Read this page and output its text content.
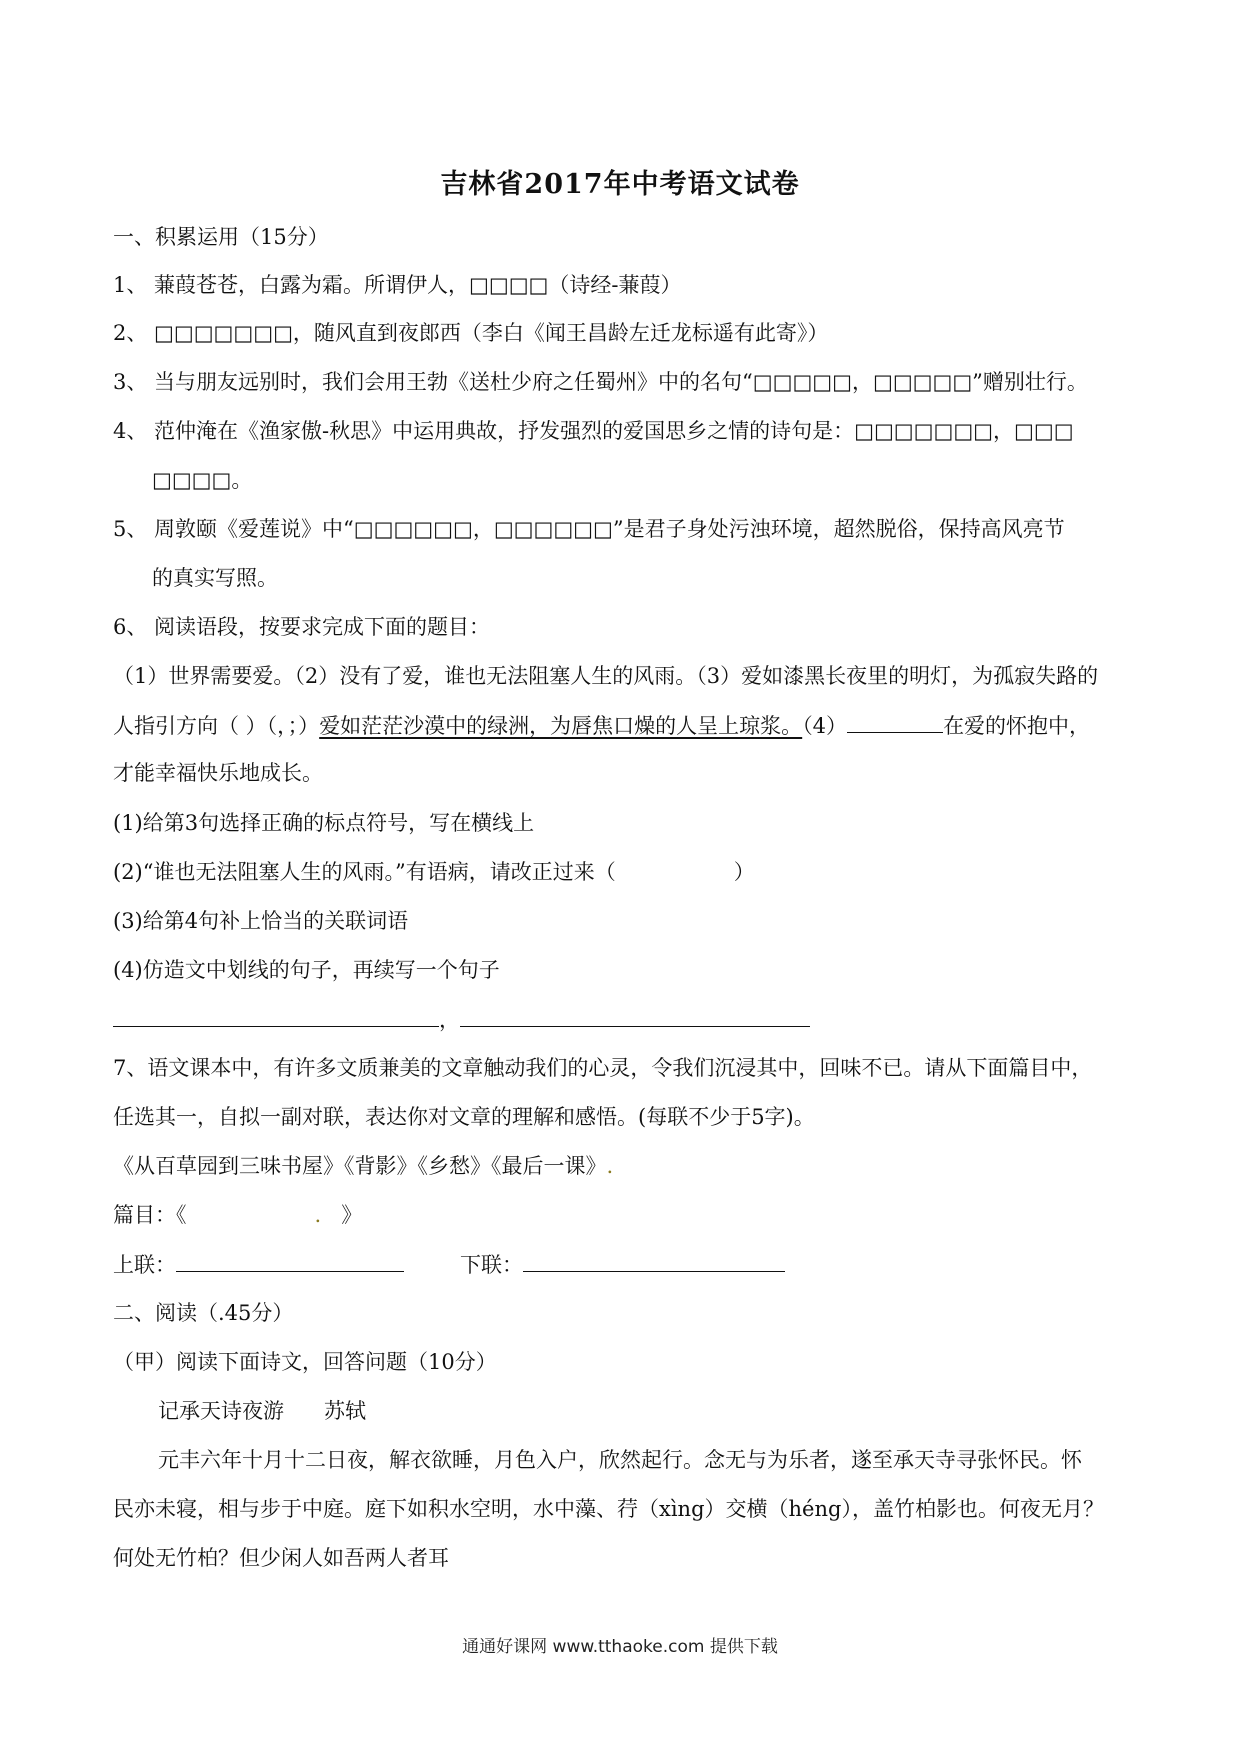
吉林省2017年中考语文试卷
一、积累运用（15分）
1、 蒹葭苍苍，白露为霜。所谓伊人，□□□□（诗经-蒹葭）
2、 □□□□□□□，随风直到夜郎西（李白《闻王昌龄左迁龙标遥有此寄》）
3、 当与朋友远别时，我们会用王勃《送杜少府之任蜀州》中的名句“□□□□□，□□□□□”赠别壮行。
4、 范仲淹在《渔家傲-秋思》中运用典故，抒发强烈的爱国思乡之情的诗句是：□□□□□□□，□□□
□□□□。
5、 周敦颐《爱莲说》中“□□□□□□，□□□□□□”是君子身处污浊环境，超然脱俗，保持高风亮节
的真实写照。
6、 阅读语段，按要求完成下面的题目：
（1）世界需要爱。（2）没有了爱，谁也无法阻塞人生的风雨。（3）爱如漆黑长夜里的明灯，为孤寂失路的
人指引方向（ ）（，；）爱如茫茫沙漠中的绿洲，为唇焦口燥的人呈上琼浆。（4）	在爱的怀抱中，
才能幸福快乐地成长。
(1)给第3句选择正确的标点符号，写在横线上
(2)“谁也无法阻塞人生的风雨。”有语病，请改正过来（	）
(3)给第4句补上恰当的关联词语
(4)仿造文中划线的句子，再续写一个句子
，
7、语文课本中，有许多文质兼美的文章触动我们的心灵，令我们沉浸其中，回味不已。请从下面篇目中，
任选其一，自拟一副对联，表达你对文章的理解和感悟。(每联不少于5字)。
《从百草园到三味书屋》《背影》《乡愁》《最后一课》.
篇目：《	. 》
上联：	下联：
二、阅读（.45分）
（甲）阅读下面诗文，回答问题（10分）
记承天诗夜游 苏轼
元丰六年十月十二日夜，解衣欲睡，月色入户，欣然起行。念无与为乐者，遂至承天寺寻张怀民。怀
民亦未寝，相与步于中庭。庭下如积水空明，水中藻、荇（xìng）交横（héng），盖竹柏影也。何夜无月？
何处无竹柏？但少闲人如吾两人者耳
通通好课网 www.tthaoke.com 提供下载
